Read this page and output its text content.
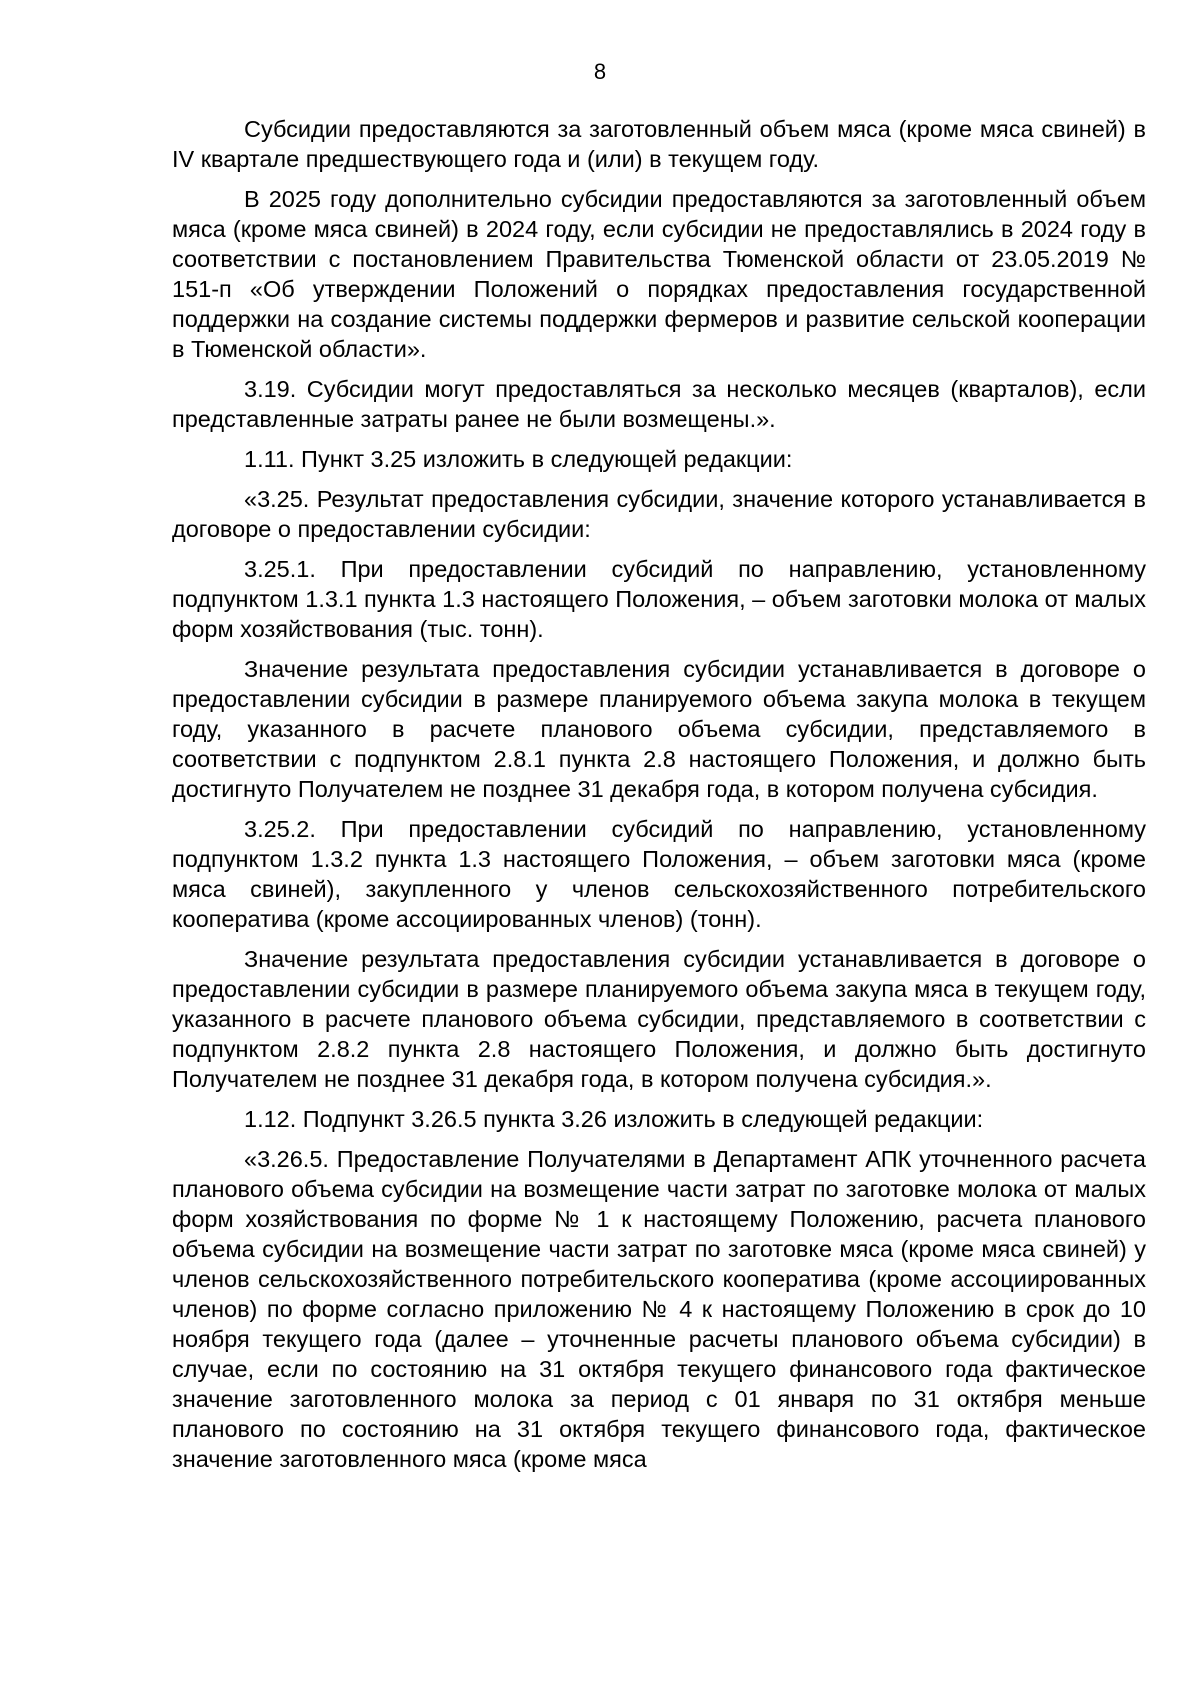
8

Субсидии предоставляются за заготовленный объем мяса (кроме мяса свиней) в IV квартале предшествующего года и (или) в текущем году.

В 2025 году дополнительно субсидии предоставляются за заготовленный объем мяса (кроме мяса свиней) в 2024 году, если субсидии не предоставлялись в 2024 году в соответствии с постановлением Правительства Тюменской области от 23.05.2019 № 151-п «Об утверждении Положений о порядках предоставления государственной поддержки на создание системы поддержки фермеров и развитие сельской кооперации в Тюменской области».

3.19. Субсидии могут предоставляться за несколько месяцев (кварталов), если представленные затраты ранее не были возмещены.».

1.11. Пункт 3.25 изложить в следующей редакции:

«3.25. Результат предоставления субсидии, значение которого устанавливается в договоре о предоставлении субсидии:

3.25.1. При предоставлении субсидий по направлению, установленному подпунктом 1.3.1 пункта 1.3 настоящего Положения, – объем заготовки молока от малых форм хозяйствования (тыс. тонн).

Значение результата предоставления субсидии устанавливается в договоре о предоставлении субсидии в размере планируемого объема закупа молока в текущем году, указанного в расчете планового объема субсидии, представляемого в соответствии с подпунктом 2.8.1 пункта 2.8 настоящего Положения, и должно быть достигнуто Получателем не позднее 31 декабря года, в котором получена субсидия.

3.25.2. При предоставлении субсидий по направлению, установленному подпунктом 1.3.2 пункта 1.3 настоящего Положения, – объем заготовки мяса (кроме мяса свиней), закупленного у членов сельскохозяйственного потребительского кооператива (кроме ассоциированных членов) (тонн).

Значение результата предоставления субсидии устанавливается в договоре о предоставлении субсидии в размере планируемого объема закупа мяса в текущем году, указанного в расчете планового объема субсидии, представляемого в соответствии с подпунктом 2.8.2 пункта 2.8 настоящего Положения, и должно быть достигнуто Получателем не позднее 31 декабря года, в котором получена субсидия.».

1.12. Подпункт 3.26.5 пункта 3.26 изложить в следующей редакции:

«3.26.5. Предоставление Получателями в Департамент АПК уточненного расчета планового объема субсидии на возмещение части затрат по заготовке молока от малых форм хозяйствования по форме № 1 к настоящему Положению, расчета планового объема субсидии на возмещение части затрат по заготовке мяса (кроме мяса свиней) у членов сельскохозяйственного потребительского кооператива (кроме ассоциированных членов) по форме согласно приложению № 4 к настоящему Положению в срок до 10 ноября текущего года (далее – уточненные расчеты планового объема субсидии) в случае, если по состоянию на 31 октября текущего финансового года фактическое значение заготовленного молока за период с 01 января по 31 октября меньше планового по состоянию на 31 октября текущего финансового года, фактическое значение заготовленного мяса (кроме мяса
